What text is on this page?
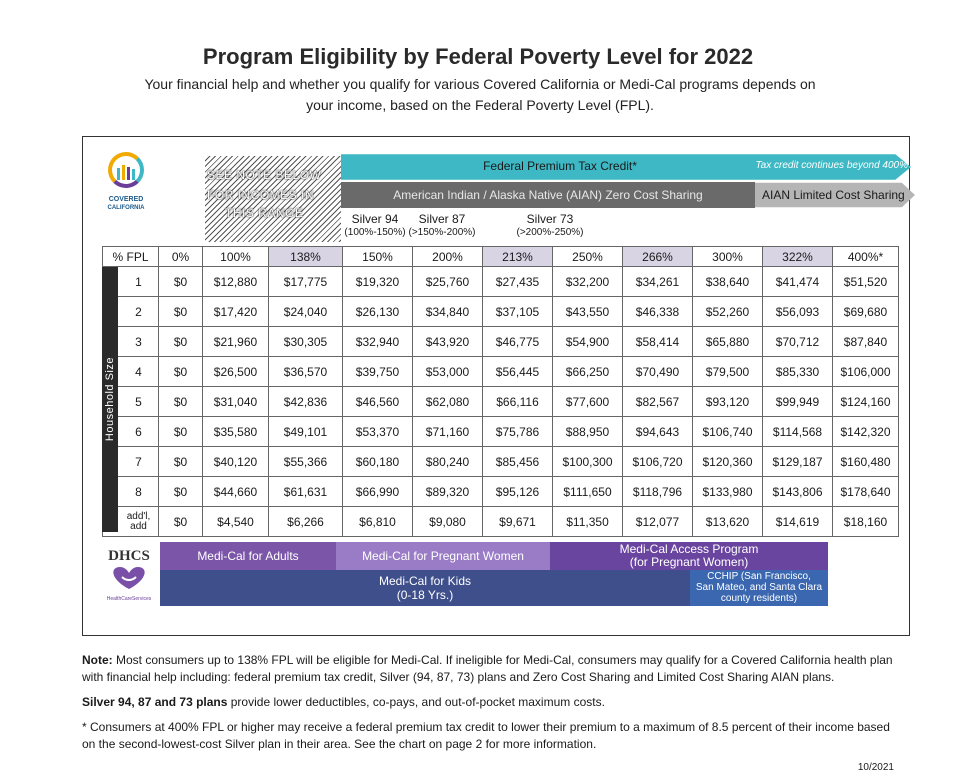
Program Eligibility by Federal Poverty Level for 2022
Your financial help and whether you qualify for various Covered California or Medi-Cal programs depends on your income, based on the Federal Poverty Level (FPL).
COVERED
CALIFORNIA
SEE NOTE BELOW
FOR INCOMES IN
THIS RANGE
Federal Premium Tax Credit*	Tax credit continues beyond 400%
American Indian / Alaska Native (AIAN) Zero Cost Sharing	AIAN Limited Cost Sharing
Silver 94
(100%-150%)
Silver 87
(>150%-200%)
Silver 73
(>200%-250%)
% FPL	0%	100%	138%	150%	200%	213%	250%	266%	300%	322%	400%*
1	$0	$12,880	$17,775	$19,320	$25,760	$27,435	$32,200	$34,261	$38,640	$41,474	$51,520
2	$0	$17,420	$24,040	$26,130	$34,840	$37,105	$43,550	$46,338	$52,260	$56,093	$69,680
3	$0	$21,960	$30,305	$32,940	$43,920	$46,775	$54,900	$58,414	$65,880	$70,712	$87,840
4	$0	$26,500	$36,570	$39,750	$53,000	$56,445	$66,250	$70,490	$79,500	$85,330	$106,000
5	$0	$31,040	$42,836	$46,560	$62,080	$66,116	$77,600	$82,567	$93,120	$99,949	$124,160
6	$0	$35,580	$49,101	$53,370	$71,160	$75,786	$88,950	$94,643	$106,740	$114,568	$142,320
7	$0	$40,120	$55,366	$60,180	$80,240	$85,456	$100,300	$106,720	$120,360	$129,187	$160,480
8	$0	$44,660	$61,631	$66,990	$89,320	$95,126	$111,650	$118,796	$133,980	$143,806	$178,640
add'l, add	$0	$4,540	$6,266	$6,810	$9,080	$9,671	$11,350	$12,077	$13,620	$14,619	$18,160
Household Size
DHCS
HealthCareServices
Medi-Cal for Adults	Medi-Cal for Pregnant Women	Medi-Cal Access Program
(for Pregnant Women)
Medi-Cal for Kids
(0-18 Yrs.)
CCHIP (San Francisco,
San Mateo, and Santa Clara
county residents)

Note: Most consumers up to 138% FPL will be eligible for Medi-Cal. If ineligible for Medi-Cal, consumers may qualify for a Covered California health plan with financial help including: federal premium tax credit, Silver (94, 87, 73) plans and Zero Cost Sharing and Limited Cost Sharing AIAN plans.

Silver 94, 87 and 73 plans provide lower deductibles, co-pays, and out-of-pocket maximum costs.

* Consumers at 400% FPL or higher may receive a federal premium tax credit to lower their premium to a maximum of 8.5 percent of their income based on the second-lowest-cost Silver plan in their area. See the chart on page 2 for more information.

10/2021
